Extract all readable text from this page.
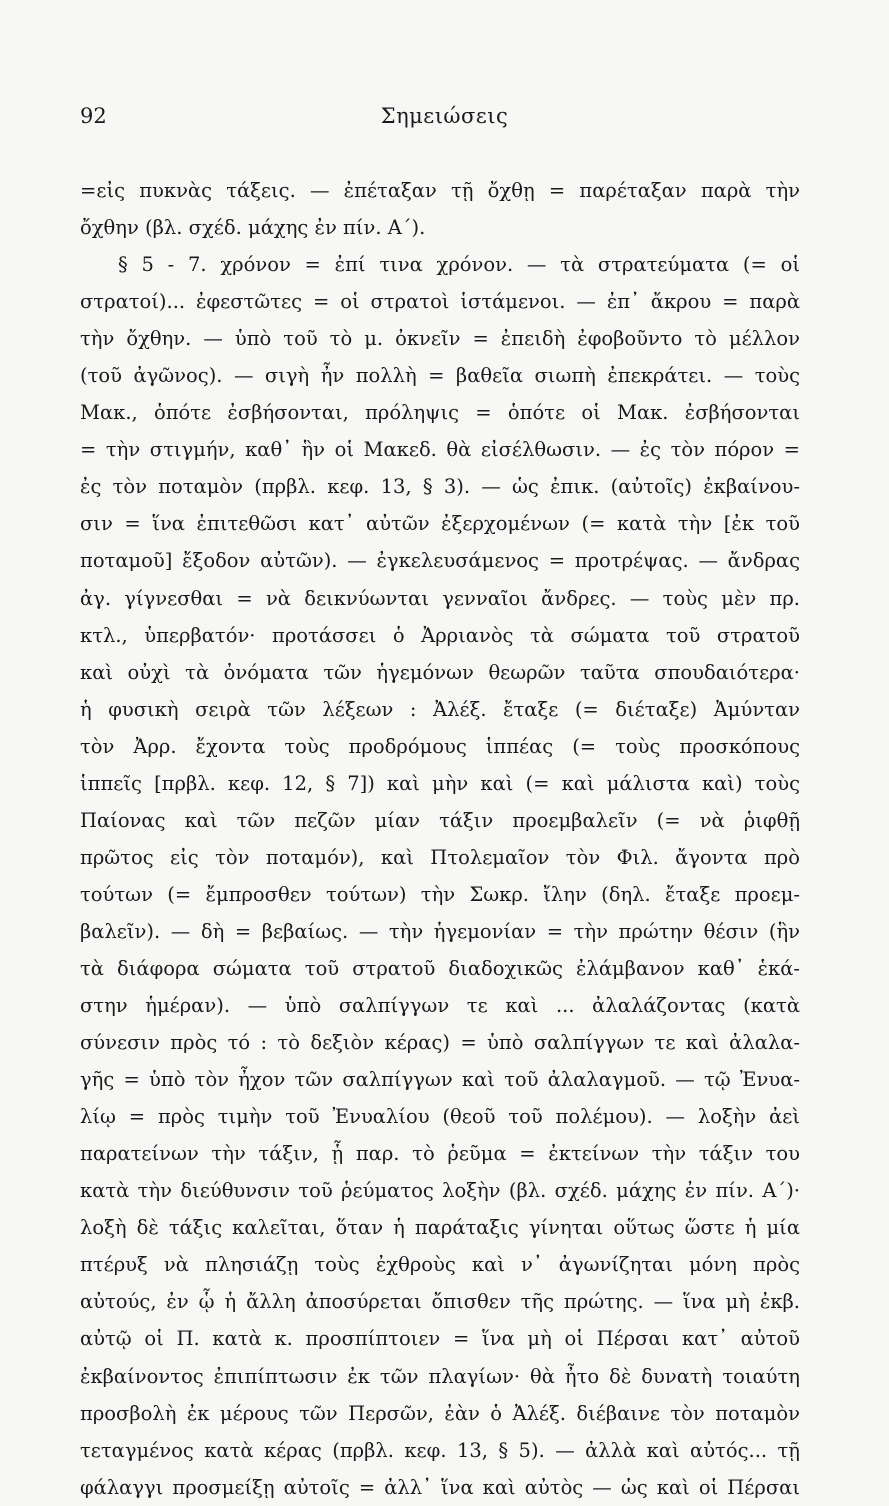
92	Σημειώσεις
=εἰς πυκνὰς τάξεις. — ἐπέταξαν τῇ ὄχθῃ = παρέταξαν παρὰ τὴν
ὄχθην (βλ. σχέδ. μάχης ἐν πίν. Α΄).
§ 5 - 7. χρόνον = ἐπί τινα χρόνον. — τὰ στρατεύματα (= οἱ
στρατοί)... ἐφεστῶτες = οἱ στρατοὶ ἱστάμενοι. — ἐπ᾽ ἄκρου = παρὰ
τὴν ὄχθην. — ὑπὸ τοῦ τὸ μ. ὀκνεῖν = ἐπειδὴ ἐφοβοῦντο τὸ μέλλον
(τοῦ ἀγῶνος). — σιγὴ ἦν πολλὴ = βαθεῖα σιωπὴ ἐπεκράτει. — τοὺς
Μακ., ὁπότε ἐσβήσονται, πρόληψις = ὁπότε οἱ Μακ. ἐσβήσονται
= τὴν στιγμήν, καθ᾽ ἣν οἱ Μακεδ. θὰ εἰσέλθωσιν. — ἐς τὸν πόρον =
ἐς τὸν ποταμὸν (πρβλ. κεφ. 13, § 3). — ὡς ἐπικ. (αὐτοῖς) ἐκβαίνου-
σιν = ἵνα ἐπιτεθῶσι κατ᾽ αὐτῶν ἐξερχομένων (= κατὰ τὴν [ἐκ τοῦ
ποταμοῦ] ἔξοδον αὐτῶν). — ἐγκελευσάμενος = προτρέψας. — ἄνδρας
ἀγ. γίγνεσθαι = νὰ δεικνύωνται γενναῖοι ἄνδρες. — τοὺς μὲν πρ.
κτλ., ὑπερβατόν· προτάσσει ὁ Ἀρριανὸς τὰ σώματα τοῦ στρατοῦ
καὶ οὐχὶ τὰ ὀνόματα τῶν ἡγεμόνων θεωρῶν ταῦτα σπουδαιότερα·
ἡ φυσικὴ σειρὰ τῶν λέξεων : Ἀλέξ. ἔταξε (= διέταξε) Ἀμύνταν
τὸν Ἀρρ. ἔχοντα τοὺς προδρόμους ἱππέας (= τοὺς προσκόπους
ἱππεῖς [πρβλ. κεφ. 12, § 7]) καὶ μὴν καὶ (= καὶ μάλιστα καὶ) τοὺς
Παίονας καὶ τῶν πεζῶν μίαν τάξιν προεμβαλεῖν (= νὰ ῥιφθῇ
πρῶτος εἰς τὸν ποταμόν), καὶ Πτολεμαῖον τὸν Φιλ. ἄγοντα πρὸ
τούτων (= ἔμπροσθεν τούτων) τὴν Σωκρ. ἴλην (δηλ. ἔταξε προεμ-
βαλεῖν). — δὴ = βεβαίως. — τὴν ἡγεμονίαν = τὴν πρώτην θέσιν (ἣν
τὰ διάφορα σώματα τοῦ στρατοῦ διαδοχικῶς ἐλάμβανον καθ᾽ ἑκά-
στην ἡμέραν). — ὑπὸ σαλπίγγων τε καὶ ... ἀλαλάζοντας (κατὰ
σύνεσιν πρὸς τό : τὸ δεξιὸν κέρας) = ὑπὸ σαλπίγγων τε καὶ ἀλαλα-
γῆς = ὑπὸ τὸν ἦχον τῶν σαλπίγγων καὶ τοῦ ἀλαλαγμοῦ. — τῷ Ἐνυα-
λίῳ = πρὸς τιμὴν τοῦ Ἐνυαλίου (θεοῦ τοῦ πολέμου). — λοξὴν ἀεὶ
παρατείνων τὴν τάξιν, ᾗ παρ. τὸ ῥεῦμα = ἐκτείνων τὴν τάξιν του
κατὰ τὴν διεύθυνσιν τοῦ ῥεύματος λοξὴν (βλ. σχέδ. μάχης ἐν πίν. Α΄)·
λοξὴ δὲ τάξις καλεῖται, ὅταν ἡ παράταξις γίνηται οὕτως ὥστε ἡ μία
πτέρυξ νὰ πλησιάζῃ τοὺς ἐχθροὺς καὶ ν᾽ ἀγωνίζηται μόνη πρὸς
αὐτούς, ἐν ᾧ ἡ ἄλλη ἀποσύρεται ὄπισθεν τῆς πρώτης. — ἵνα μὴ ἐκβ.
αὐτῷ οἱ Π. κατὰ κ. προσπίπτοιεν = ἵνα μὴ οἱ Πέρσαι κατ᾽ αὐτοῦ
ἐκβαίνοντος ἐπιπίπτωσιν ἐκ τῶν πλαγίων· θὰ ἦτο δὲ δυνατὴ τοιαύτη
προσβολὴ ἐκ μέρους τῶν Περσῶν, ἐὰν ὁ Ἀλέξ. διέβαινε τὸν ποταμὸν
τεταγμένος κατὰ κέρας (πρβλ. κεφ. 13, § 5). — ἀλλὰ καὶ αὐτός... τῇ
φάλαγγι προσμείξῃ αὐτοῖς = ἀλλ᾽ ἵνα καὶ αὐτὸς — ὡς καὶ οἱ Πέρσαι
